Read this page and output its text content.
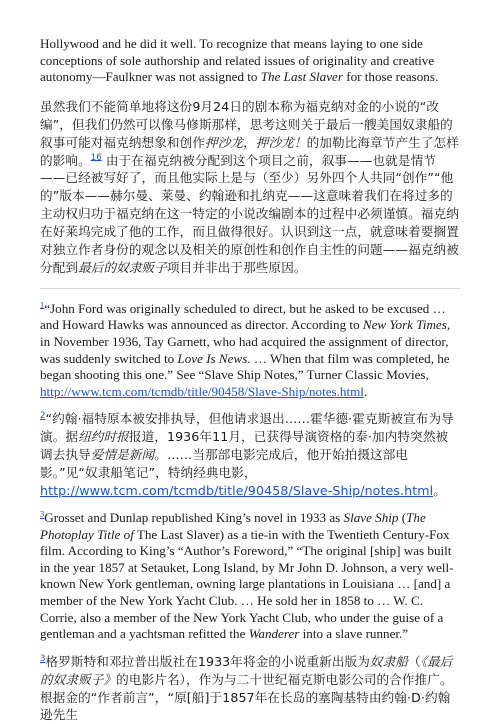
Hollywood and he did it well. To recognize that means laying to one side conceptions of sole authorship and related issues of originality and creative autonomy—Faulkner was not assigned to The Last Slaver for those reasons.

虽然我们不能简单地将这份9月24日的剧本称为福克纳对金的小说的“改编”，但我们仍然可以像马修斯那样，思考这则关于最后一艘美国奴隶船的叙事可能对福克纳想象和创作押沙龙，押沙龙！的加勒比海章节产生了怎样的影响。$^{16}$ 由于在福克纳被分配到这个项目之前，叙事——也就是情节——已经被写好了，而且他实际上是与（至少）另外四个人共同“创作”“他的”版本——赫尔曼、莱曼、约翰逊和扎纳克——这意味着我们在将过多的主动权归功于福克纳在这一特定的小说改编剧本的过程中必须谨慎。福克纳在好莱坞完成了他的工作，而且做得很好。认识到这一点，就意味着要搁置对独立作者身份的观念以及相关的原创性和创作自主性的问题——福克纳被分配到最后的奴隶贩子项目并非出于那些原因。

$^1$“John Ford was originally scheduled to direct, but he asked to be excused … and Howard Hawks was announced as director. According to New York Times, in November 1936, Tay Garnett, who had acquired the assignment of director, was suddenly switched to Love Is News. … When that film was completed, he began shooting this one.” See “Slave Ship Notes,” Turner Classic Movies, http://www.tcm.com/tcmdb/title/90458/Slave-Ship/notes.html.

$^2$“约翰·福特原本被安排执导，但他请求退出……霍华德·霍克斯被宣布为导演。据纽约时报报道，1936年11月，已获得导演资格的泰·加内特突然被调去执导爱情是新闻。……当那部电影完成后，他开始拍摄这部电影。”见“奴隶船笔记”，特纳经典电影，http://www.tcm.com/tcmdb/title/90458/Slave-Ship/notes.html。

$^3$Grosset and Dunlap republished King’s novel in 1933 as Slave Ship (The Photoplay Title of The Last Slaver) as a tie-in with the Twentieth Century-Fox film. According to King’s “Author’s Foreword,” “The original [ship] was built in the year 1857 at Setauket, Long Island, by Mr John D. Johnson, a very well-known New York gentleman, owning large plantations in Louisiana … [and] a member of the New York Yacht Club. … He sold her in 1858 to … W. C. Corrie, also a member of the New York Yacht Club, who under the guise of a gentleman and a yachtsman refitted the Wanderer into a slave runner.”

$^3$格罗斯特和邓拉普出版社在1933年将金的小说重新出版为奴隶船（《最后的奴隶贩子》的电影片名），作为与二十世纪福克斯电影公司的合作推广。根据金的“作者前言”，“原[船]于1857年在长岛的塞陶基特由约翰·D·约翰逊先生
